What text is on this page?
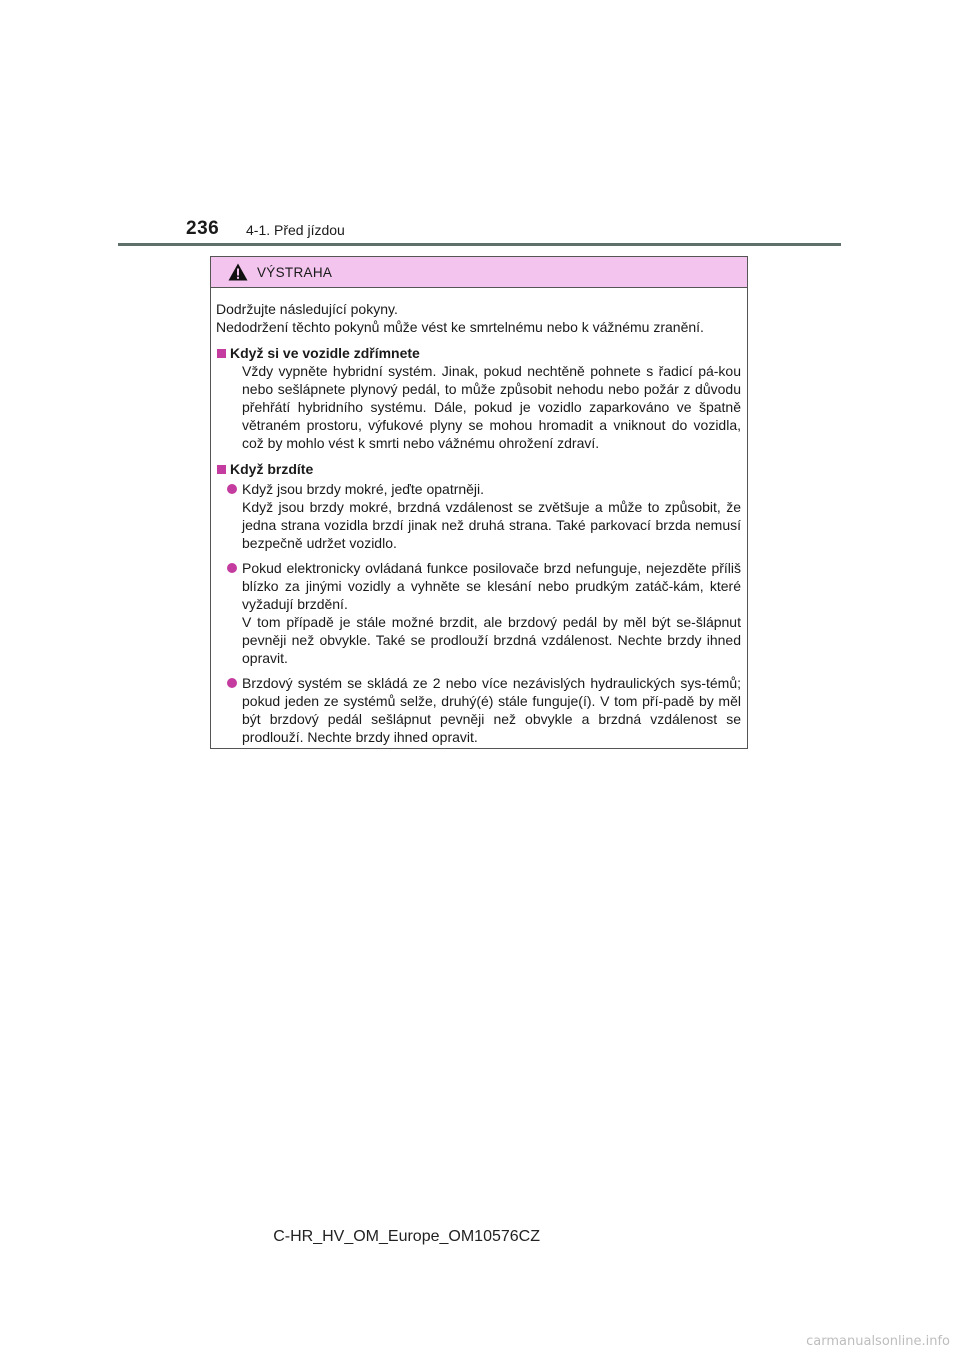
236 4-1. Před jízdou
VÝSTRAHA
Dodržujte následující pokyny.
Nedodržení těchto pokynů může vést ke smrtelnému nebo k vážnému zranění.
Když si ve vozidle zdřímnete
Vždy vypněte hybridní systém. Jinak, pokud nechtěně pohnete s řadicí pá-kou nebo sešlápnete plynový pedál, to může způsobit nehodu nebo požár z důvodu přehřátí hybridního systému. Dále, pokud je vozidlo zaparkováno ve špatně větraném prostoru, výfukové plyny se mohou hromadit a vniknout do vozidla, což by mohlo vést k smrti nebo vážnému ohrožení zdraví.
Když brzdíte
Když jsou brzdy mokré, jeďte opatrněji.
Když jsou brzdy mokré, brzdná vzdálenost se zvětšuje a může to způsobit, že jedna strana vozidla brzdí jinak než druhá strana. Také parkovací brzda nemusí bezpečně udržet vozidlo.
Pokud elektronicky ovládaná funkce posilovače brzd nefunguje, nejezděte příliš blízko za jinými vozidly a vyhněte se klesání nebo prudkým zatáč-kám, které vyžadují brzdění.
V tom případě je stále možné brzdit, ale brzdový pedál by měl být se-šlápnut pevněji než obvykle. Také se prodlouží brzdná vzdálenost. Nechte brzdy ihned opravit.
Brzdový systém se skládá ze 2 nebo více nezávislých hydraulických sys-témů; pokud jeden ze systémů selže, druhý(é) stále funguje(í). V tom pří-padě by měl být brzdový pedál sešlápnut pevněji než obvykle a brzdná vzdálenost se prodlouží. Nechte brzdy ihned opravit.
C-HR_HV_OM_Europe_OM10576CZ
carmanualsonline.info
